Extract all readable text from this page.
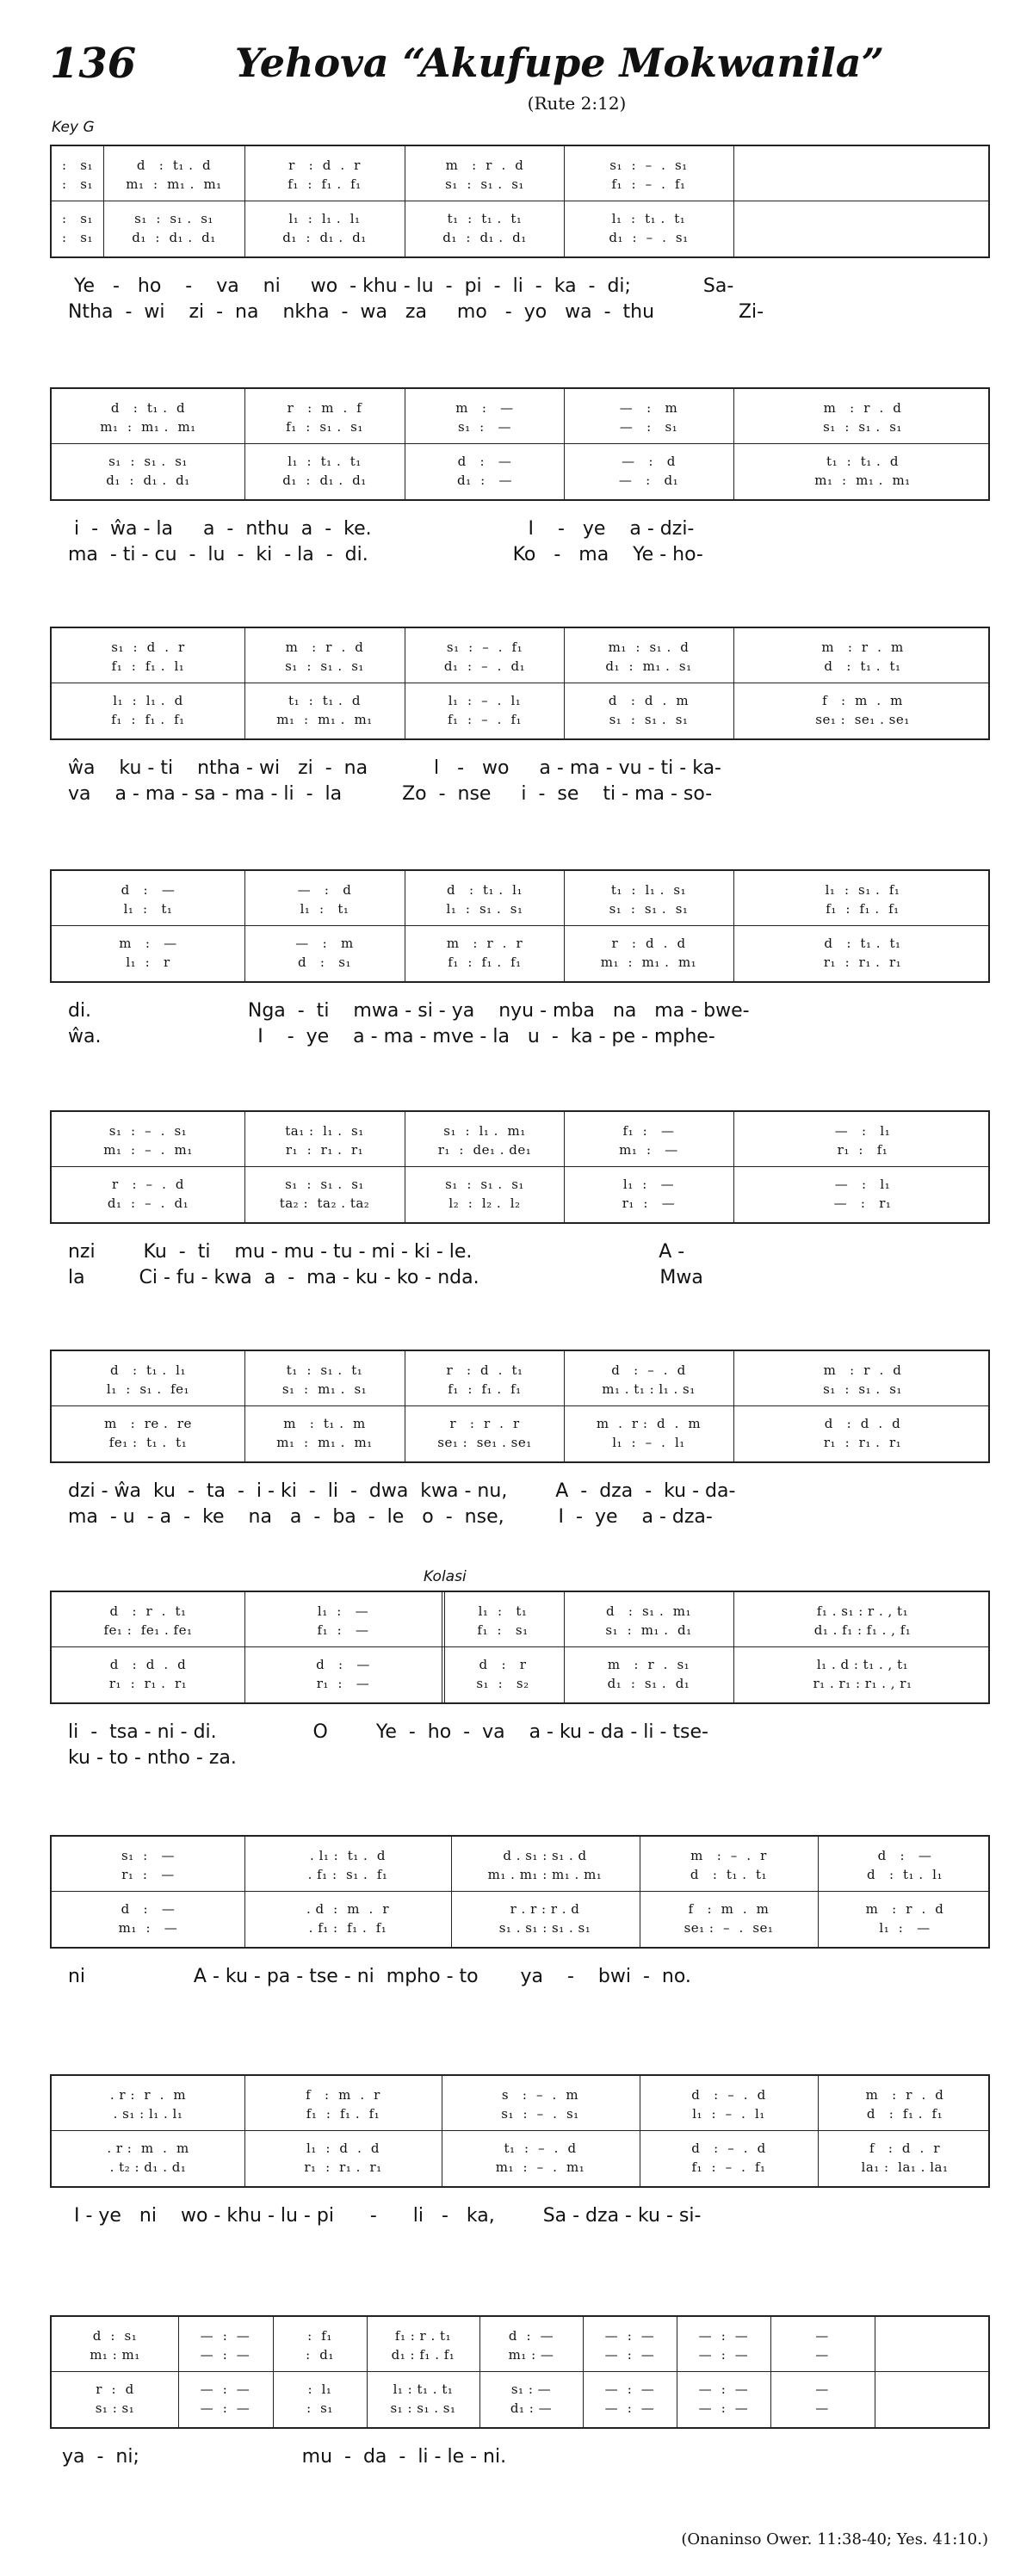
136	Yehova “Akufupe Mokwanila”
(Rute 2:12)
Key G
Kolasi
:   s₁	d   :  t₁ .  d	r   :  d  .  r	m   :  r  .  d	s₁  :  –  .  s₁
:   s₁	m₁  :  m₁ .  m₁	f₁  :  f₁ .  f₁	s₁  :  s₁ .  s₁	f₁  :  –  .  f₁
:   s₁	s₁  :  s₁ .  s₁	l₁  :  l₁ .  l₁	t₁  :  t₁ .  t₁	l₁  :  t₁ .  t₁
:   s₁	d₁  :  d₁ .  d₁	d₁  :  d₁ .  d₁	d₁  :  d₁ .  d₁	d₁  :  –  .  s₁
Ye   -   ho    -    va    ni     wo  - khu - lu  -  pi  -  li  -  ka  -  di;            Sa-
Ntha  -  wi    zi  -  na    nkha  -  wa   za     mo   -  yo   wa  -  thu              Zi-
d   :  t₁ .  d	r   :  m  .  f	m   :   —	—   :   m	m   :  r  .  d
m₁  :  m₁ .  m₁	f₁  :  s₁ .  s₁	s₁  :   —	—   :   s₁	s₁  :  s₁ .  s₁
s₁  :  s₁ .  s₁	l₁  :  t₁ .  t₁	d   :   —	—   :   d	t₁  :  t₁ .  d
d₁  :  d₁ .  d₁	d₁  :  d₁ .  d₁	d₁  :   —	—   :   d₁	m₁  :  m₁ .  m₁
i  -  ŵa - la     a  -  nthu  a  -  ke.                          I    -   ye    a - dzi-
ma  - ti - cu  -  lu  -  ki  - la  -  di.                        Ko   -   ma    Ye - ho-
s₁  :  d  .  r	m   :  r  .  d	s₁  :  –  .  f₁	m₁  :  s₁ .  d	m   :  r  .  m
f₁  :  f₁ .  l₁	s₁  :  s₁ .  s₁	d₁  :  –  .  d₁	d₁  :  m₁ .  s₁	d   :  t₁ .  t₁
l₁  :  l₁ .  d	t₁  :  t₁ .  d	l₁  :  –  .  l₁	d   :  d  .  m	f   :  m  .  m
f₁  :  f₁ .  f₁	m₁  :  m₁ .  m₁	f₁  :  –  .  f₁	s₁  :  s₁ .  s₁	se₁ :  se₁ . se₁
ŵa    ku - ti    ntha - wi   zi  -  na           l   -   wo     a - ma - vu - ti - ka-
va    a - ma - sa - ma - li  -  la          Zo  -  nse     i  -  se    ti - ma - so-
d   :   —	—   :   d	d   :  t₁ .  l₁	t₁  :  l₁ .  s₁	l₁  :  s₁ .  f₁
l₁  :   t₁	l₁  :   t₁	l₁  :  s₁ .  s₁	s₁  :  s₁ .  s₁	f₁  :  f₁ .  f₁
m   :   —	—   :   m	m   :  r  .  r	r   :  d  .  d	d   :  t₁ .  t₁
l₁  :   r	d   :   s₁	f₁  :  f₁ .  f₁	m₁  :  m₁ .  m₁	r₁  :  r₁ .  r₁
di.                          Nga  -  ti    mwa - si - ya    nyu - mba   na   ma - bwe-
ŵa.                          I    -  ye    a - ma - mve - la   u  -  ka - pe - mphe-
s₁  :  –  .  s₁	ta₁ :  l₁ .  s₁	s₁  :  l₁ .  m₁	f₁  :   —	—   :   l₁
m₁  :  –  .  m₁	r₁  :  r₁ .  r₁	r₁  :  de₁ . de₁	m₁  :   —	r₁  :   f₁
r   :  –  .  d	s₁  :  s₁ .  s₁	s₁  :  s₁ .  s₁	l₁  :   —	—   :   l₁
d₁  :  –  .  d₁	ta₂ :  ta₂ . ta₂	l₂  :  l₂ .  l₂	r₁  :   —	—   :   r₁
nzi        Ku  -  ti    mu - mu - tu - mi - ki - le.                               A -
la         Ci - fu - kwa  a  -  ma - ku - ko - nda.                              Mwa
d   :  t₁ .  l₁	t₁  :  s₁ .  t₁	r   :  d  .  t₁	d   :  –  .  d	m   :  r  .  d
l₁  :  s₁ .  fe₁	s₁  :  m₁ .  s₁	f₁  :  f₁ .  f₁	m₁ . t₁ : l₁ . s₁	s₁  :  s₁ .  s₁
m   :  re .  re	m   :  t₁ .  m	r   :  r  .  r	m  .  r :  d  .  m	d   :  d  .  d
fe₁ :  t₁ .  t₁	m₁  :  m₁ .  m₁	se₁ :  se₁ . se₁	l₁  :  –  .  l₁	r₁  :  r₁ .  r₁
dzi - ŵa  ku  -  ta  -  i - ki  -  li  -  dwa  kwa - nu,        A  -  dza  -  ku - da-
ma  - u  - a  -  ke    na   a  -  ba  -  le   o  -  nse,         I  -  ye    a - dza-
d   :  r  .  t₁	l₁  :   —	l₁  :   t₁	d   :  s₁ .  m₁	f₁ . s₁ : r . , t₁
fe₁ :  fe₁ . fe₁	f₁  :   —	f₁  :   s₁	s₁  :  m₁ .  d₁	d₁ . f₁ : f₁ . , f₁
d   :  d  .  d	d   :   —	d   :   r	m   :  r  .  s₁	l₁ . d : t₁ . , t₁
r₁  :  r₁ .  r₁	r₁  :   —	s₁  :   s₂	d₁  :  s₁ .  d₁	r₁ . r₁ : r₁ . , r₁
li  -  tsa - ni - di.                O        Ye  -  ho  -  va    a - ku - da - li - tse-
ku - to - ntho - za.
s₁  :   —	. l₁ :  t₁ .  d	d . s₁ : s₁ . d	m   :  –  .  r	d   :   —
r₁  :   —	. f₁ :  s₁ .  f₁	m₁ . m₁ : m₁ . m₁	d   :  t₁ .  t₁	d   :  t₁ .  l₁
d   :   —	. d  :  m  .  r	r . r : r . d	f   :  m  .  m	m   :  r  .  d
m₁  :   —	. f₁ :  f₁ .  f₁	s₁ . s₁ : s₁ . s₁	se₁ :  –  .  se₁	l₁  :   —
ni                  A - ku - pa - tse - ni  mpho - to       ya    -    bwi  -  no.
. r :  r  .  m	f   :  m  .  r	s   :  –  .  m	d   :  –  .  d	m   :  r  .  d
. s₁ : l₁ . l₁	f₁  :  f₁ .  f₁	s₁  :  –  .  s₁	l₁  :  –  .  l₁	d   :  f₁ .  f₁
. r :  m  .  m	l₁  :  d  .  d	t₁  :  –  .  d	d   :  –  .  d	f   :  d  .  r
. t₂ : d₁ . d₁	r₁  :  r₁ .  r₁	m₁  :  –  .  m₁	f₁  :  –  .  f₁	la₁ :  la₁ . la₁
I - ye   ni    wo - khu - lu - pi      -      li   -   ka,        Sa - dza - ku - si-
d  :  s₁	—  :  —	:  f₁	f₁ : r . t₁	d  :  —	—  :  —	—  :  —	—
m₁ : m₁	—  :  —	:  d₁	d₁ : f₁ . f₁	m₁ : —	—  :  —	—  :  —	—
r  :  d	—  :  —	:  l₁	l₁ : t₁ . t₁	s₁ : —	—  :  —	—  :  —	—
s₁ : s₁	—  :  —	:  s₁	s₁ : s₁ . s₁	d₁ : —	—  :  —	—  :  —	—
ya  -  ni;                           mu  -  da  -  li - le - ni.
(Onaninso Ower. 11:38-40; Yes. 41:10.)
